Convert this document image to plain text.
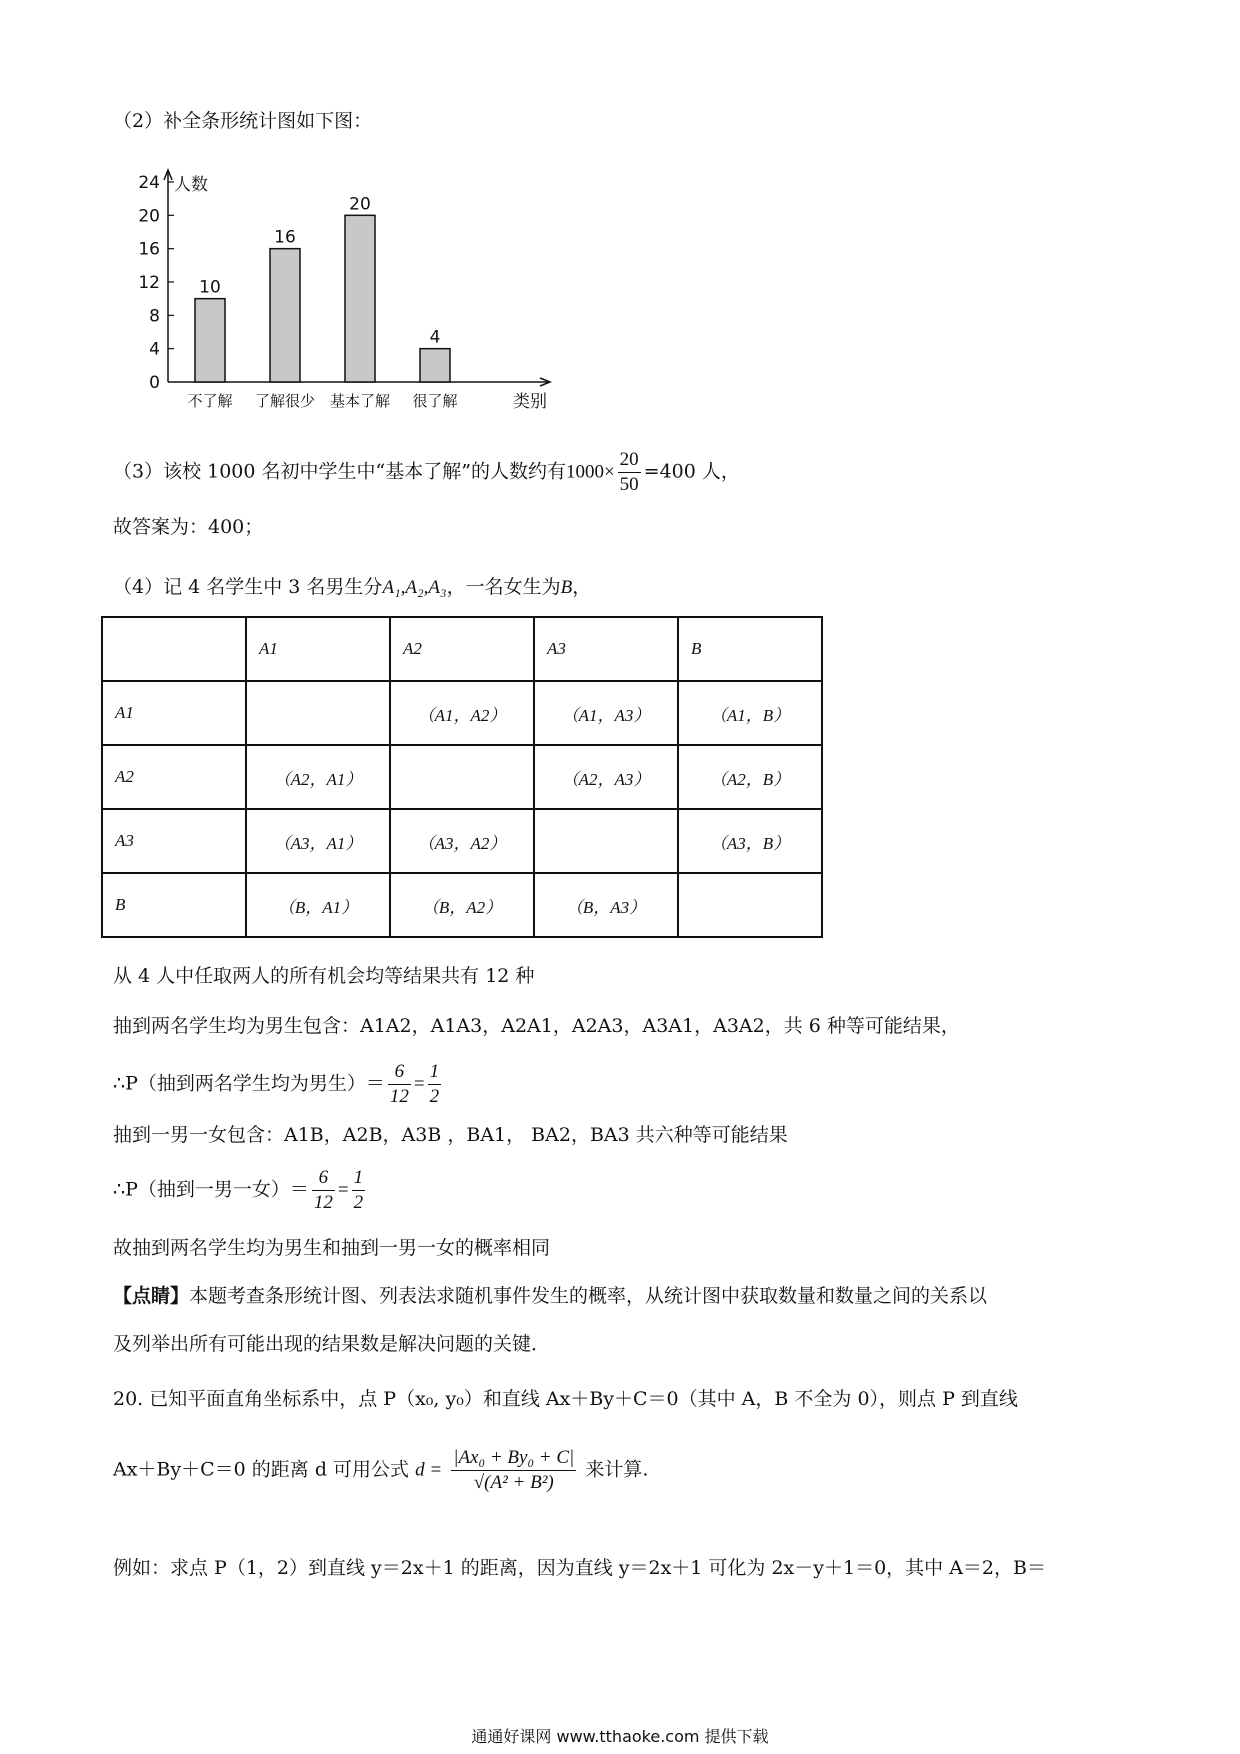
（2）补全条形统计图如下图：
0
4
8
12
16
20
24 人数
类别
10
不了解
16
了解很少
20
基本了解
4
很了解
（3）该校 1000 名初中学生中“基本了解”的人数约有$1000\times \frac{20}{50} =400$ 人，
故答案为：400；
（4）记 4 名学生中 3 名男生分A₁,A₂,A₃，一名女生为B，
	A1	A2	A3	B
A1		（A1，A2）	（A1，A3）	（A1，B）
A2	（A2，A1）		（A2，A3）	（A2，B）
A3	（A3，A1）	（A3，A2）		（A3，B）
B	（B，A1）	（B，A2）	（B，A3）	
从 4 人中任取两人的所有机会均等结果共有 12 种
抽到两名学生均为男生包含：A1A2，A1A3，A2A1，A2A3，A3A1，A3A2，共 6 种等可能结果，
∴P（抽到两名学生均为男生）＝ $\frac{6}{12} = \frac{1}{2}$
抽到一男一女包含：A1B，A2B，A3B ，BA1， BA2，BA3 共六种等可能结果
∴P（抽到一男一女）＝ $\frac{6}{12} = \frac{1}{2}$
故抽到两名学生均为男生和抽到一男一女的概率相同
【点睛】本题考查条形统计图、列表法求随机事件发生的概率，从统计图中获取数量和数量之间的关系以
及列举出所有可能出现的结果数是解决问题的关键．
20. 已知平面直角坐标系中，点 P（x₀, y₀）和直线 Ax＋By＋C＝0（其中 A，B 不全为 0），则点 P 到直线
Ax＋By＋C＝0 的距离 d 可用公式 $d = \frac{\text{|Ax₀ + By₀ + C|}}{\text{√(A² + B²)}}$ 来计算.
例如：求点 P（1，2）到直线 y＝2x＋1 的距离，因为直线 y＝2x＋1 可化为 2x－y＋1＝0，其中 A＝2，B＝
通通好课网 www.tthaoke.com 提供下载
